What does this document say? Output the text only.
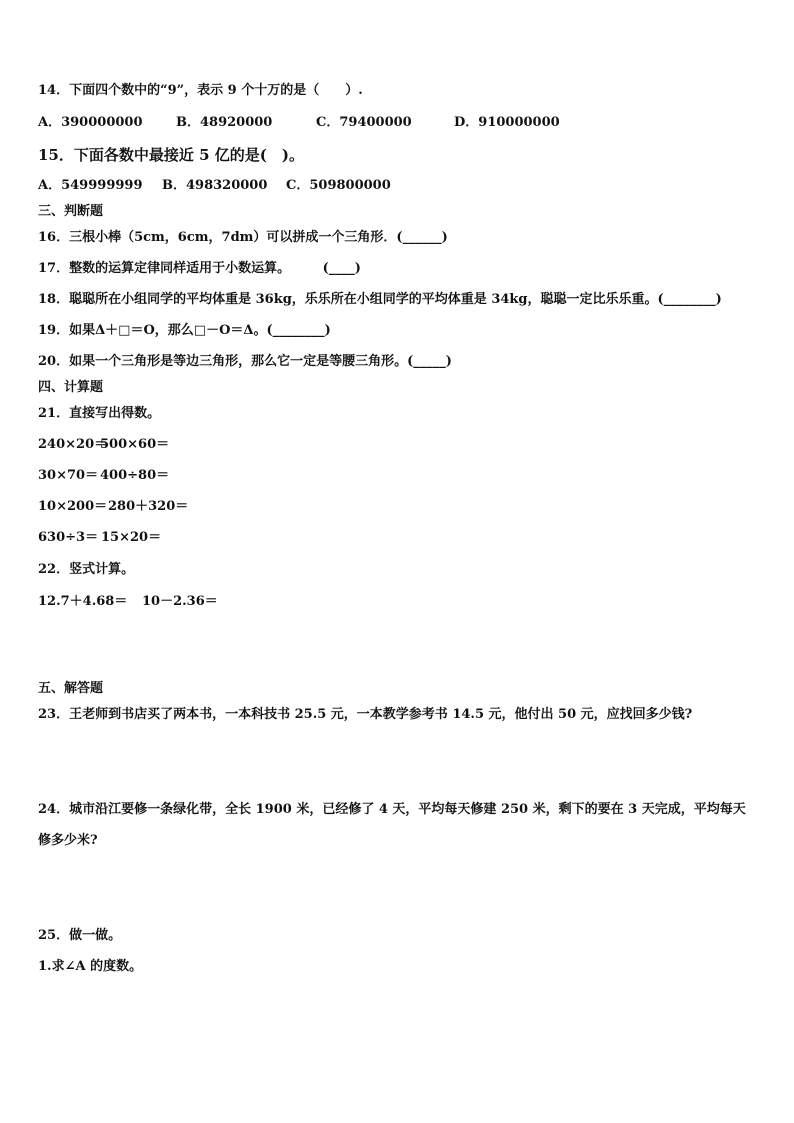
14．下面四个数中的“9”，表示 9 个十万的是（　　）.
A．390000000	B．48920000	C．79400000	D．910000000
15．下面各数中最接近 5 亿的是(　)。
A．549999999 B．498320000 C．509800000
三、判断题
16．三根小棒（5cm，6cm，7dm）可以拼成一个三角形．(______)
17．整数的运算定律同样适用于小数运算。　　　(____)
18．聪聪所在小组同学的平均体重是 36kg，乐乐所在小组同学的平均体重是 34kg，聪聪一定比乐乐重。(________)
19．如果Δ＋□＝O，那么□－O＝Δ。(________)
20．如果一个三角形是等边三角形，那么它一定是等腰三角形。(_____)
四、计算题
21．直接写出得数。
240×20＝500×60＝
30×70＝ 400÷80＝
10×200＝280＋320＝
630÷3＝ 15×20＝
22．竖式计算。
12.7＋4.68＝ 10－2.36＝
五、解答题
23．王老师到书店买了两本书，一本科技书 25.5 元，一本教学参考书 14.5 元，他付出 50 元，应找回多少钱?
24．城市沿江要修一条绿化带，全长 1900 米，已经修了 4 天，平均每天修建 250 米，剩下的要在 3 天完成，平均每天
修多少米?
25．做一做。
1.求∠A 的度数。
